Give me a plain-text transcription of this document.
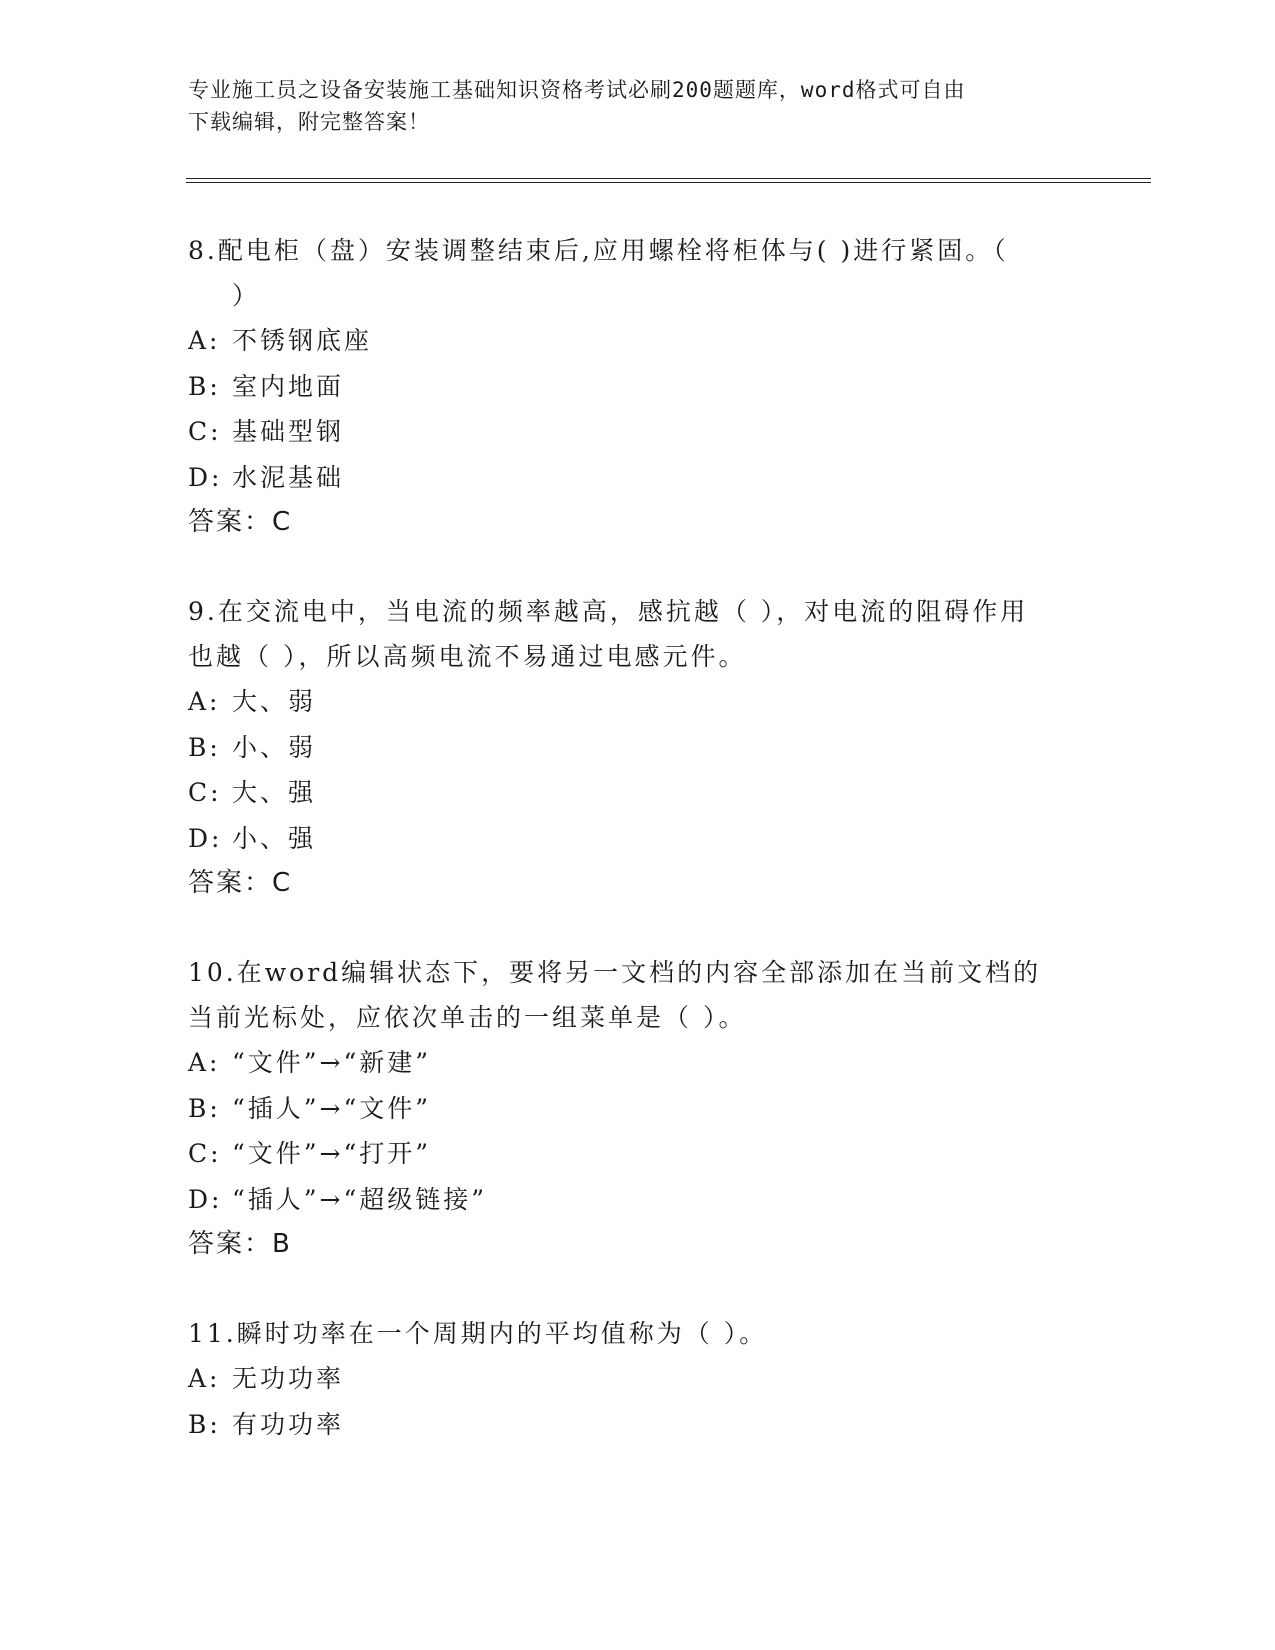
专业施工员之设备安装施工基础知识资格考试必刷200题题库，word格式可自由
下载编辑，附完整答案！
8.配电柜（盘）安装调整结束后,应用螺栓将柜体与( )进行紧固。（
）
A: 不锈钢底座
B: 室内地面
C: 基础型钢
D: 水泥基础
答案：C
9.在交流电中，当电流的频率越高，感抗越（ ），对电流的阻碍作用
也越（ ），所以高频电流不易通过电感元件。
A: 大、弱
B: 小、弱
C: 大、强
D: 小、强
答案：C
10.在word编辑状态下，要将另一文档的内容全部添加在当前文档的
当前光标处，应依次单击的一组菜单是（ ）。
A: “文件”→“新建”
B: “插人”→“文件”
C: “文件”→“打开”
D: “插人”→“超级链接”
答案：B
11.瞬时功率在一个周期内的平均值称为（ ）。
A: 无功功率
B: 有功功率
